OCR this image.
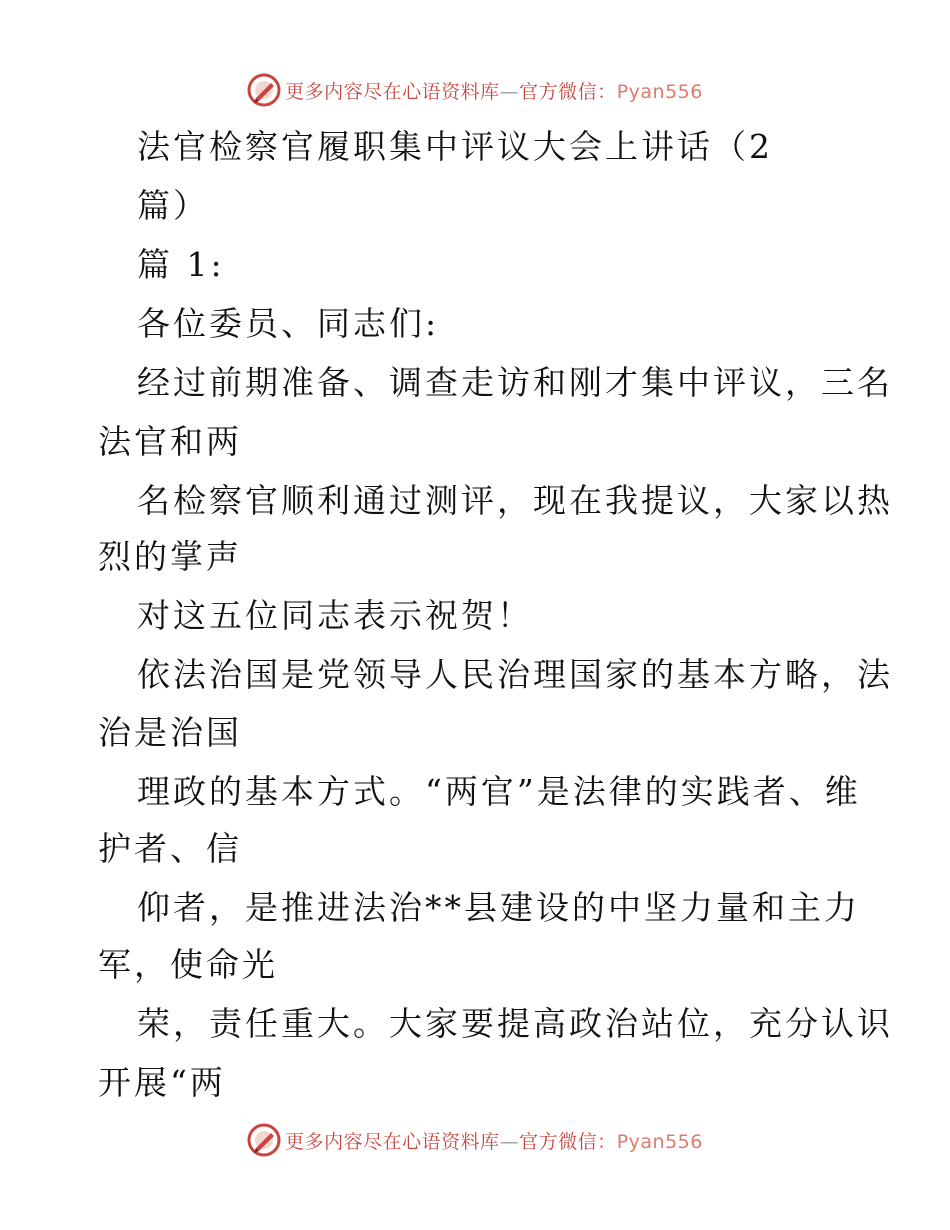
更多内容尽在心语资料库—官方微信：Pyan556
法官检察官履职集中评议大会上讲话（2
篇）
篇 1:
各位委员、同志们:
经过前期准备、调查走访和刚才集中评议，三名
法官和两
名检察官顺利通过测评，现在我提议，大家以热
烈的掌声
对这五位同志表示祝贺！
依法治国是党领导人民治理国家的基本方略，法
治是治国
理政的基本方式。“两官”是法律的实践者、维
护者、信
仰者，是推进法治**县建设的中坚力量和主力
军，使命光
荣，责任重大。大家要提高政治站位，充分认识
开展“两
更多内容尽在心语资料库—官方微信：Pyan556
